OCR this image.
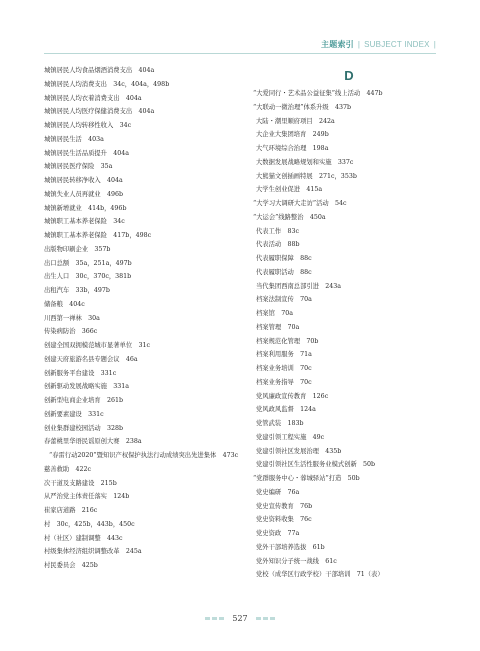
主题索引 | SUBJECT INDEX |
城镇居民人均食品烟酒消费支出　404a
城镇居民人均消费支出　34c，404a，498b
城镇居民人均衣着消费支出　404a
城镇居民人均医疗保健消费支出　404a
城镇居民人均转移性收入　34c
城镇居民生活　403a
城镇居民生活品质提升　404a
城镇居民医疗保险　35a
城镇居民转移净收入　404a
城镇失业人员再就业　496b
城镇新增就业　414b，496b
城镇职工基本养老保险　34c
城镇职工基本养老保险　417b，498c
出版物印刷企业　357b
出口总额　35a，251a，497b
出生人口　30c，370c，381b
出租汽车　33b，497b
储备粮　404c
川西第一禅林　30a
传染病防治　366c
创建全国双拥模范城市显著单位　31c
创建天府旅游名县专题会议　46a
创新服务平台建设　331c
创新驱动发展战略实施　331a
创新型电商企业培育　261b
创新要素建设　331c
创业集群建校园活动　328b
春蕾桃里华语民谣原创大赛　238a
“春雷行动2020”暨知识产权保护执法行动成绩突出先进集体　473c
慈善救助　422c
次干道及支路建设　215b
从严治党主体责任落实　124b
崔家店道路　216c
村　30c，425b，443b，450c
村（社区）建制调整　443c
村级集体经济组织调整改革　245a
村民委员会　425b
D
“大爱同行・艺术品公益征集”线上活动　447b
“大联动一微治理”体系升级　437b
大陆・潮里顺府项目　242a
大企业大集团培育　249b
大气环境综合治理　198a
大数据发展战略规划和实施　337c
大熊猫文创插画特展　271c，353b
大学生创业促进　415a
“大学习大调研大走访”活动　54c
“大运会”线路整治　450a
代表工作　83c
代表活动　88b
代表履职保障　88c
代表履职活动　88c
当代集团西南总部引进　243a
档案法制宣传　70a
档案馆　70a
档案管理　70a
档案规范化管理　70b
档案利用服务　71a
档案业务培训　70c
档案业务指导　70c
党风廉政宣传教育　126c
党风政风监督　124a
党管武装　183b
党建引领工程实施　49c
党建引领社区发展治理　435b
党建引领社区生活性服务业模式创新　50b
“党群服务中心・蓉城驿站”打造　50b
党史编研　76a
党史宣传教育　76b
党史资料收集　76c
党史资政　77a
党外干部培养选拔　61b
党外知识分子统一战线　61c
党校（成华区行政学校）干部培训　71（表）
527
